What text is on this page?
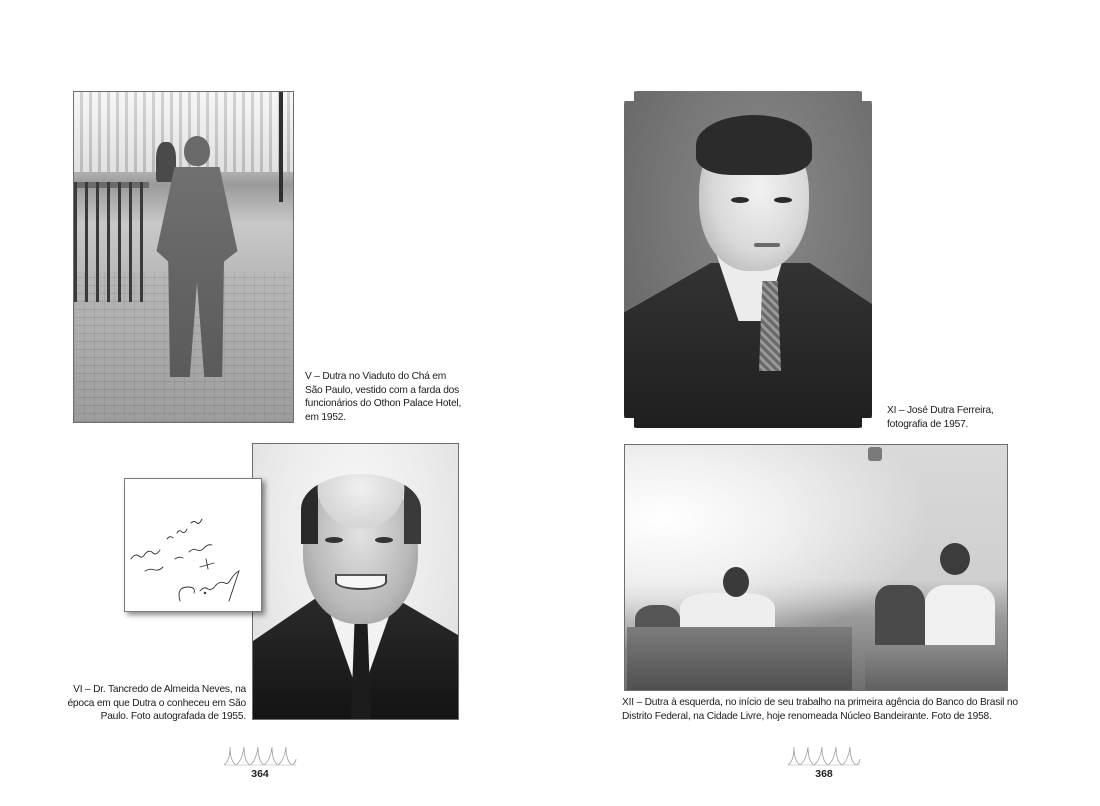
V – Dutra no Viaduto do Chá em
São Paulo, vestido com a farda dos
funcionários do Othon Palace Hotel,
em 1952.
VI – Dr. Tancredo de Almeida Neves, na
época em que Dutra o conheceu em São
Paulo. Foto autografada de 1955.
364
XI – José Dutra Ferreira,
fotografia de 1957.
XII – Dutra à esquerda, no início de seu trabalho na primeira agência do Banco do Brasil no
Distrito Federal, na Cidade Livre, hoje renomeada Núcleo Bandeirante. Foto de 1958.
368
